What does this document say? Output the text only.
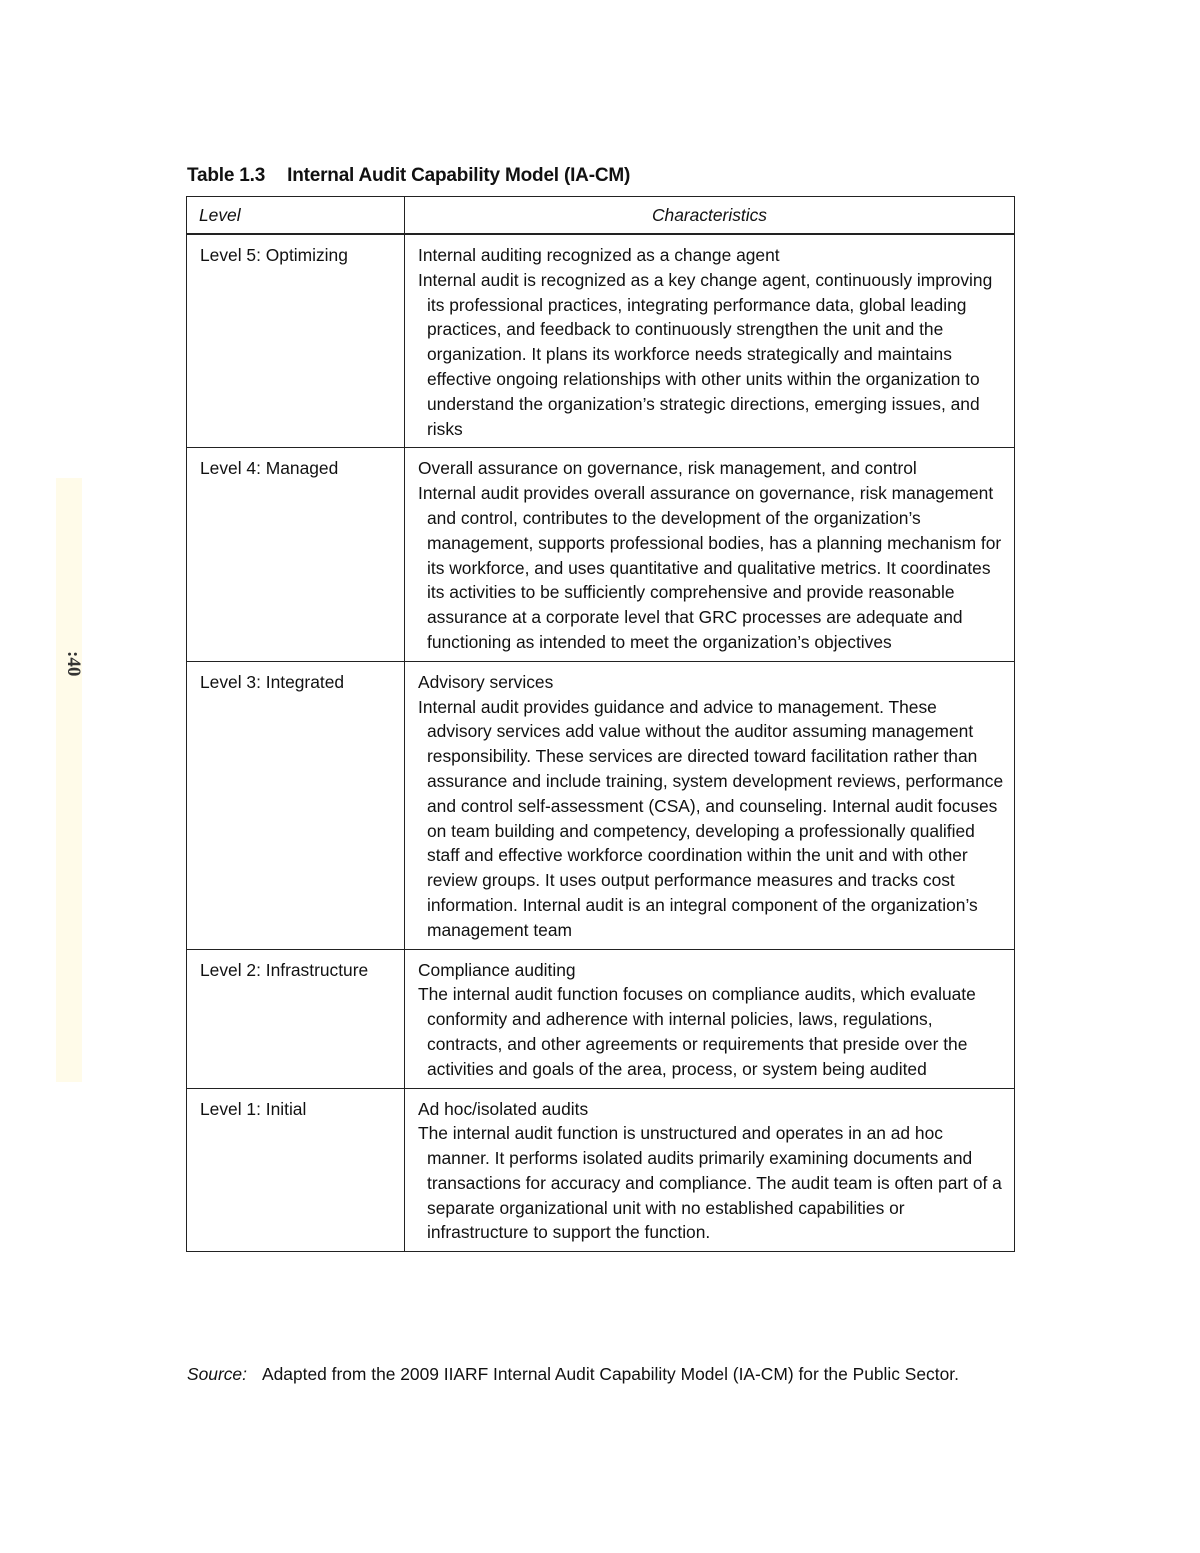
:40
Table 1.3 Internal Audit Capability Model (IA-CM)
Level	Characteristics
Level 5: Optimizing	Internal auditing recognized as a change agent
Internal audit is recognized as a key change agent, continuously improving its professional practices, integrating performance data, global leading practices, and feedback to continuously strengthen the unit and the organization. It plans its workforce needs strategically and maintains effective ongoing relationships with other units within the organization to understand the organization’s strategic directions, emerging issues, and risks

Level 4: Managed	Overall assurance on governance, risk management, and control
Internal audit provides overall assurance on governance, risk management and control, contributes to the development of the organization’s management, supports professional bodies, has a planning mechanism for its workforce, and uses quantitative and qualitative metrics. It coordinates its activities to be sufficiently comprehensive and provide reasonable assurance at a corporate level that GRC processes are adequate and functioning as intended to meet the organization’s objectives

Level 3: Integrated	Advisory services
Internal audit provides guidance and advice to management. These advisory services add value without the auditor assuming management responsibility. These services are directed toward facilitation rather than assurance and include training, system development reviews, performance and control self-assessment (CSA), and counseling. Internal audit focuses on team building and competency, developing a professionally qualified staff and effective workforce coordination within the unit and with other review groups. It uses output performance measures and tracks cost information. Internal audit is an integral component of the organization’s management team

Level 2: Infrastructure	Compliance auditing
The internal audit function focuses on compliance audits, which evaluate conformity and adherence with internal policies, laws, regulations, contracts, and other agreements or requirements that preside over the activities and goals of the area, process, or system being audited

Level 1: Initial	Ad hoc/isolated audits
The internal audit function is unstructured and operates in an ad hoc manner. It performs isolated audits primarily examining documents and transactions for accuracy and compliance. The audit team is often part of a separate organizational unit with no established capabilities or infrastructure to support the function.
Source: Adapted from the 2009 IIARF Internal Audit Capability Model (IA-CM) for the Public Sector.
